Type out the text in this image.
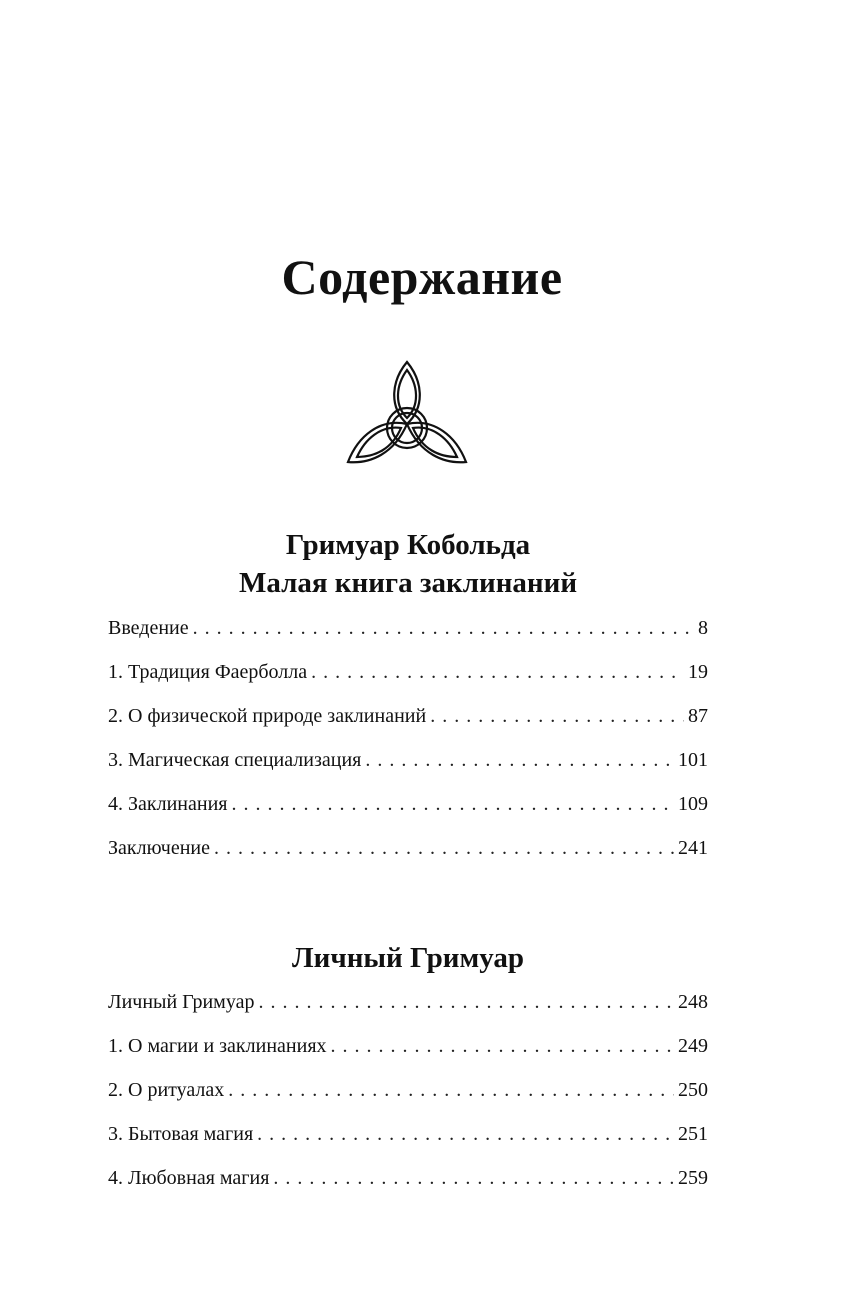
Содержание
Гримуар Кобольда
Малая книга заклинаний
Введение . . .	8
1. Традиция Фаерболла . . .	19
2. О физической природе заклинаний . . .	87
3. Магическая специализация . . .	101
4. Заклинания . . .	109
Заключение . . .	241
Личный Гримуар
Личный Гримуар . . .	248
1. О магии и заклинаниях . . .	249
2. О ритуалах . . .	250
3. Бытовая магия . . .	251
4. Любовная магия . . .	259
